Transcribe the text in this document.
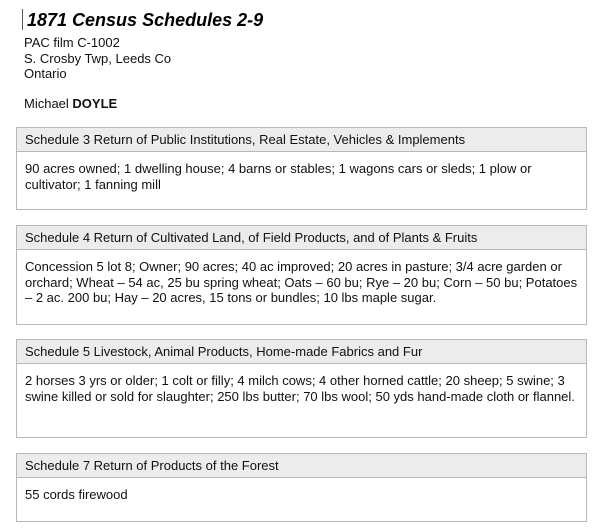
1871 Census Schedules 2-9
PAC film C-1002
S. Crosby Twp, Leeds Co
Ontario
Michael DOYLE
Schedule 3 Return of Public Institutions, Real Estate, Vehicles & Implements
90 acres owned; 1 dwelling house; 4 barns or stables; 1 wagons cars or sleds; 1 plow or cultivator; 1 fanning mill
Schedule 4 Return of Cultivated Land, of Field Products, and of Plants & Fruits
Concession 5 lot 8; Owner; 90 acres; 40 ac improved; 20 acres in pasture; 3/4 acre garden or orchard; Wheat – 54 ac, 25 bu spring wheat; Oats – 60 bu; Rye – 20 bu; Corn – 50 bu; Potatoes – 2 ac. 200 bu; Hay – 20 acres, 15 tons or bundles; 10 lbs maple sugar.
Schedule 5 Livestock, Animal Products, Home-made Fabrics and Fur
2 horses 3 yrs or older; 1 colt or filly; 4 milch cows; 4 other horned cattle; 20 sheep; 5 swine; 3 swine killed or sold for slaughter; 250 lbs butter; 70 lbs wool; 50 yds hand-made cloth or flannel.
Schedule 7 Return of Products of the Forest
55 cords firewood
